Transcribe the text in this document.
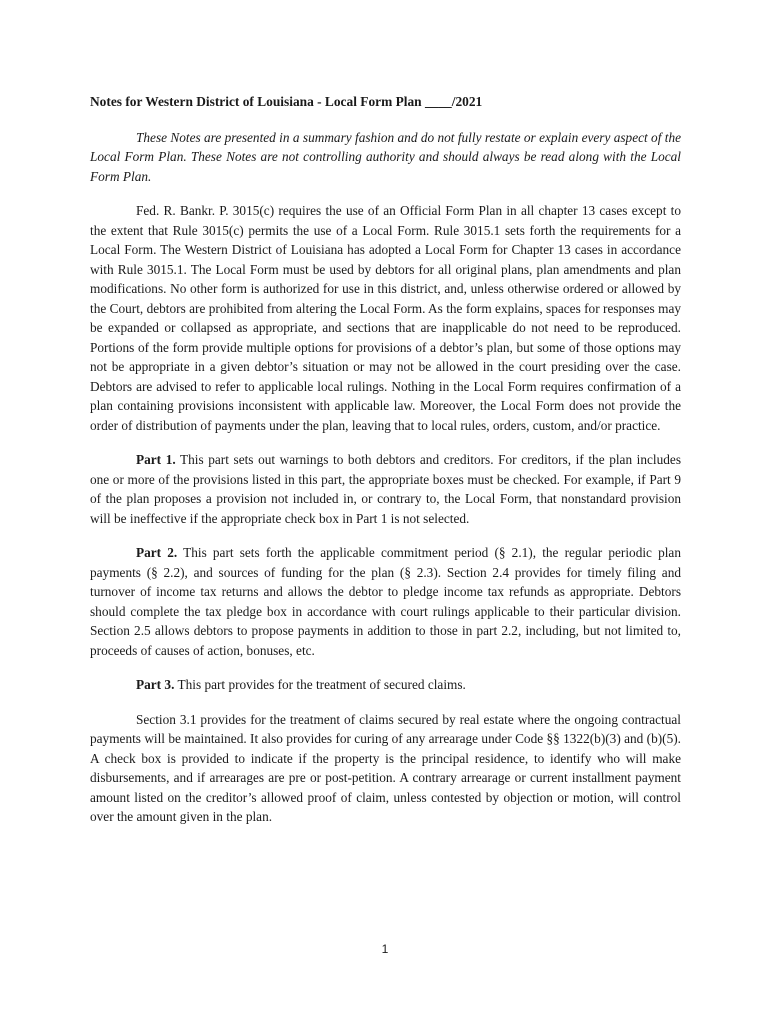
Notes for Western District of Louisiana - Local Form Plan ____/2021

These Notes are presented in a summary fashion and do not fully restate or explain every aspect of the Local Form Plan. These Notes are not controlling authority and should always be read along with the Local Form Plan.

Fed. R. Bankr. P. 3015(c) requires the use of an Official Form Plan in all chapter 13 cases except to the extent that Rule 3015(c) permits the use of a Local Form. Rule 3015.1 sets forth the requirements for a Local Form. The Western District of Louisiana has adopted a Local Form for Chapter 13 cases in accordance with Rule 3015.1. The Local Form must be used by debtors for all original plans, plan amendments and plan modifications. No other form is authorized for use in this district, and, unless otherwise ordered or allowed by the Court, debtors are prohibited from altering the Local Form. As the form explains, spaces for responses may be expanded or collapsed as appropriate, and sections that are inapplicable do not need to be reproduced. Portions of the form provide multiple options for provisions of a debtor’s plan, but some of those options may not be appropriate in a given debtor’s situation or may not be allowed in the court presiding over the case. Debtors are advised to refer to applicable local rulings. Nothing in the Local Form requires confirmation of a plan containing provisions inconsistent with applicable law. Moreover, the Local Form does not provide the order of distribution of payments under the plan, leaving that to local rules, orders, custom, and/or practice.

Part 1. This part sets out warnings to both debtors and creditors. For creditors, if the plan includes one or more of the provisions listed in this part, the appropriate boxes must be checked. For example, if Part 9 of the plan proposes a provision not included in, or contrary to, the Local Form, that nonstandard provision will be ineffective if the appropriate check box in Part 1 is not selected.

Part 2. This part sets forth the applicable commitment period (§ 2.1), the regular periodic plan payments (§ 2.2), and sources of funding for the plan (§ 2.3). Section 2.4 provides for timely filing and turnover of income tax returns and allows the debtor to pledge income tax refunds as appropriate. Debtors should complete the tax pledge box in accordance with court rulings applicable to their particular division. Section 2.5 allows debtors to propose payments in addition to those in part 2.2, including, but not limited to, proceeds of causes of action, bonuses, etc.

Part 3. This part provides for the treatment of secured claims.

Section 3.1 provides for the treatment of claims secured by real estate where the ongoing contractual payments will be maintained. It also provides for curing of any arrearage under Code §§ 1322(b)(3) and (b)(5). A check box is provided to indicate if the property is the principal residence, to identify who will make disbursements, and if arrearages are pre or post-petition. A contrary arrearage or current installment payment amount listed on the creditor’s allowed proof of claim, unless contested by objection or motion, will control over the amount given in the plan.

1
